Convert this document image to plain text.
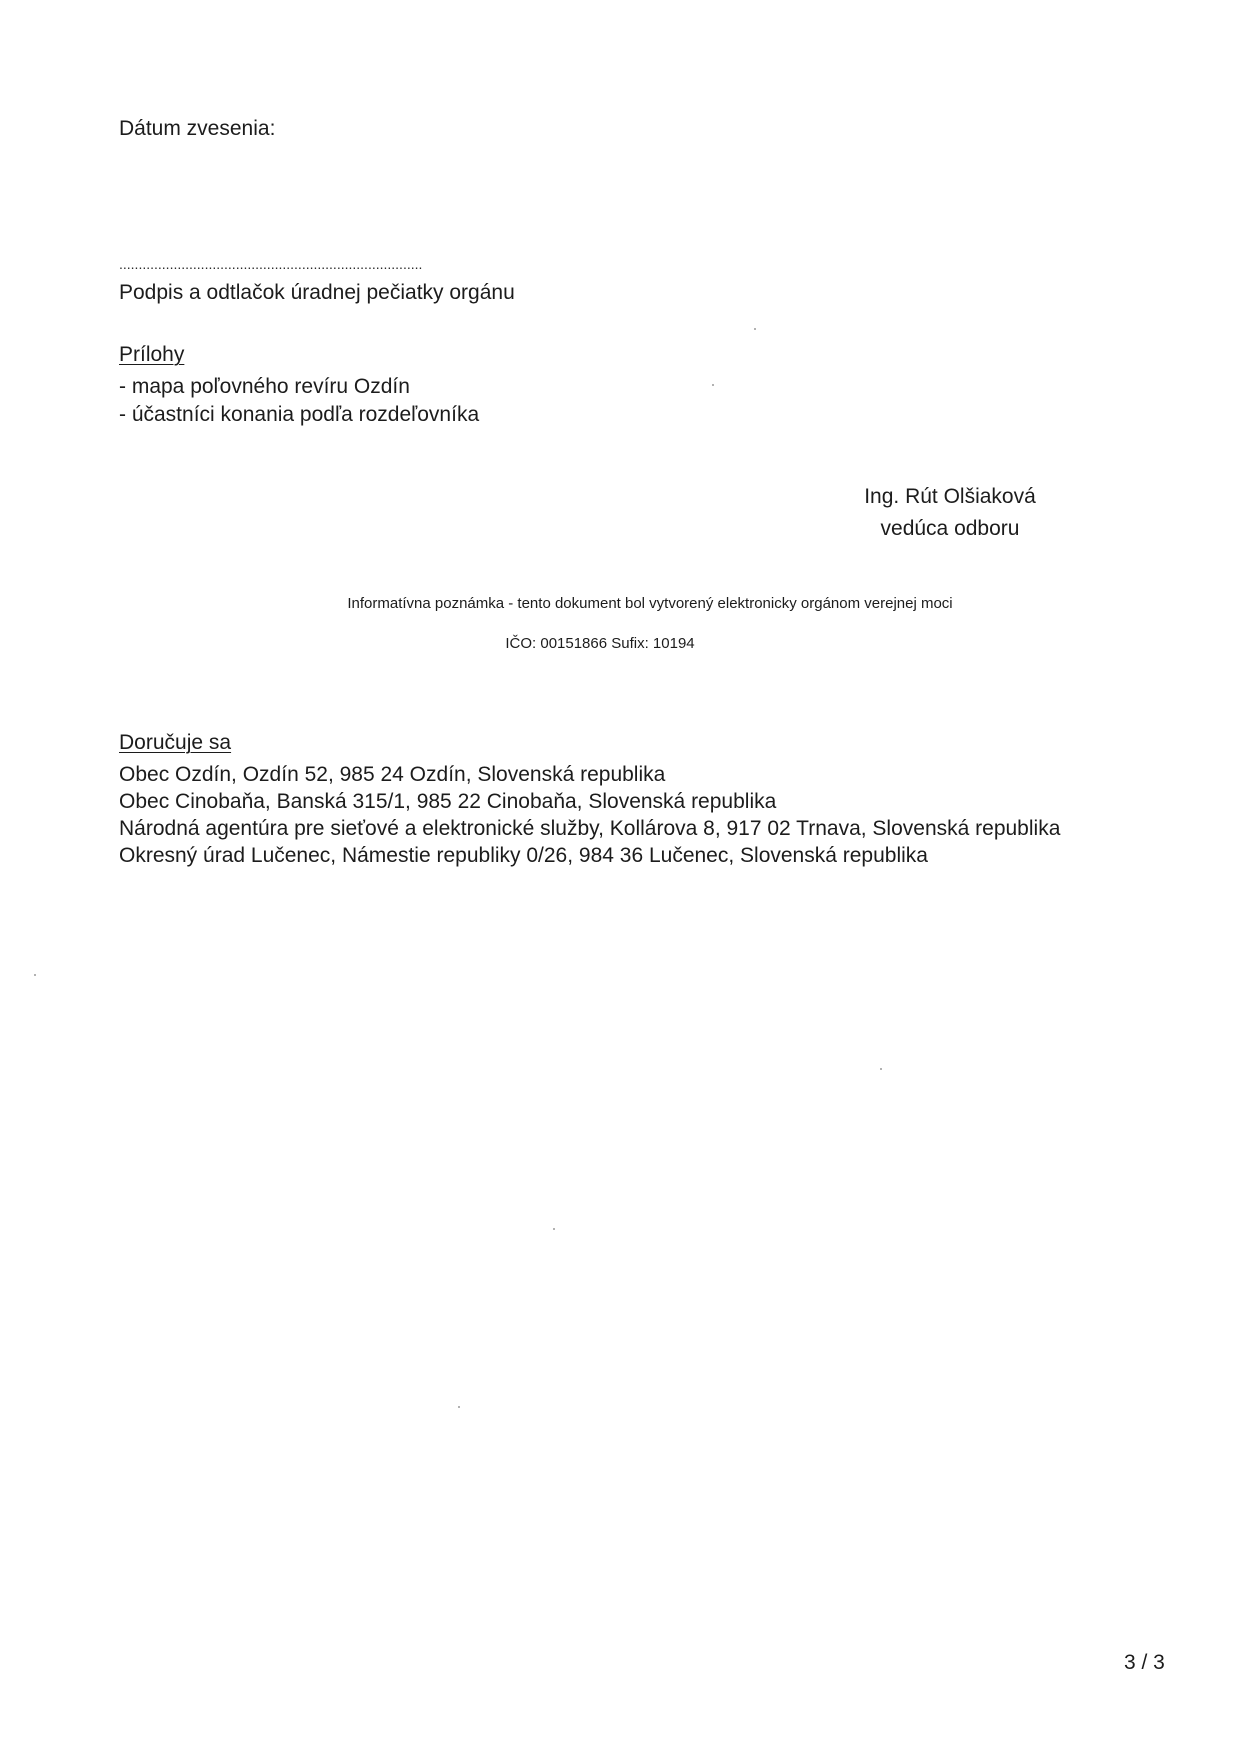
Dátum zvesenia:
..............................................................................
Podpis a odtlačok úradnej pečiatky orgánu
Prílohy
- mapa poľovného revíru Ozdín
- účastníci konania podľa rozdeľovníka
Ing. Rút Olšiaková
vedúca odboru
Informatívna poznámka - tento dokument bol vytvorený elektronicky orgánom verejnej moci
IČO: 00151866 Sufix: 10194
Doručuje sa
Obec Ozdín, Ozdín 52, 985 24 Ozdín, Slovenská republika
Obec Cinobaňa, Banská 315/1, 985 22 Cinobaňa, Slovenská republika
Národná agentúra pre sieťové a elektronické služby, Kollárova 8, 917 02 Trnava, Slovenská republika
Okresný úrad Lučenec, Námestie republiky 0/26, 984 36 Lučenec, Slovenská republika
3 / 3
